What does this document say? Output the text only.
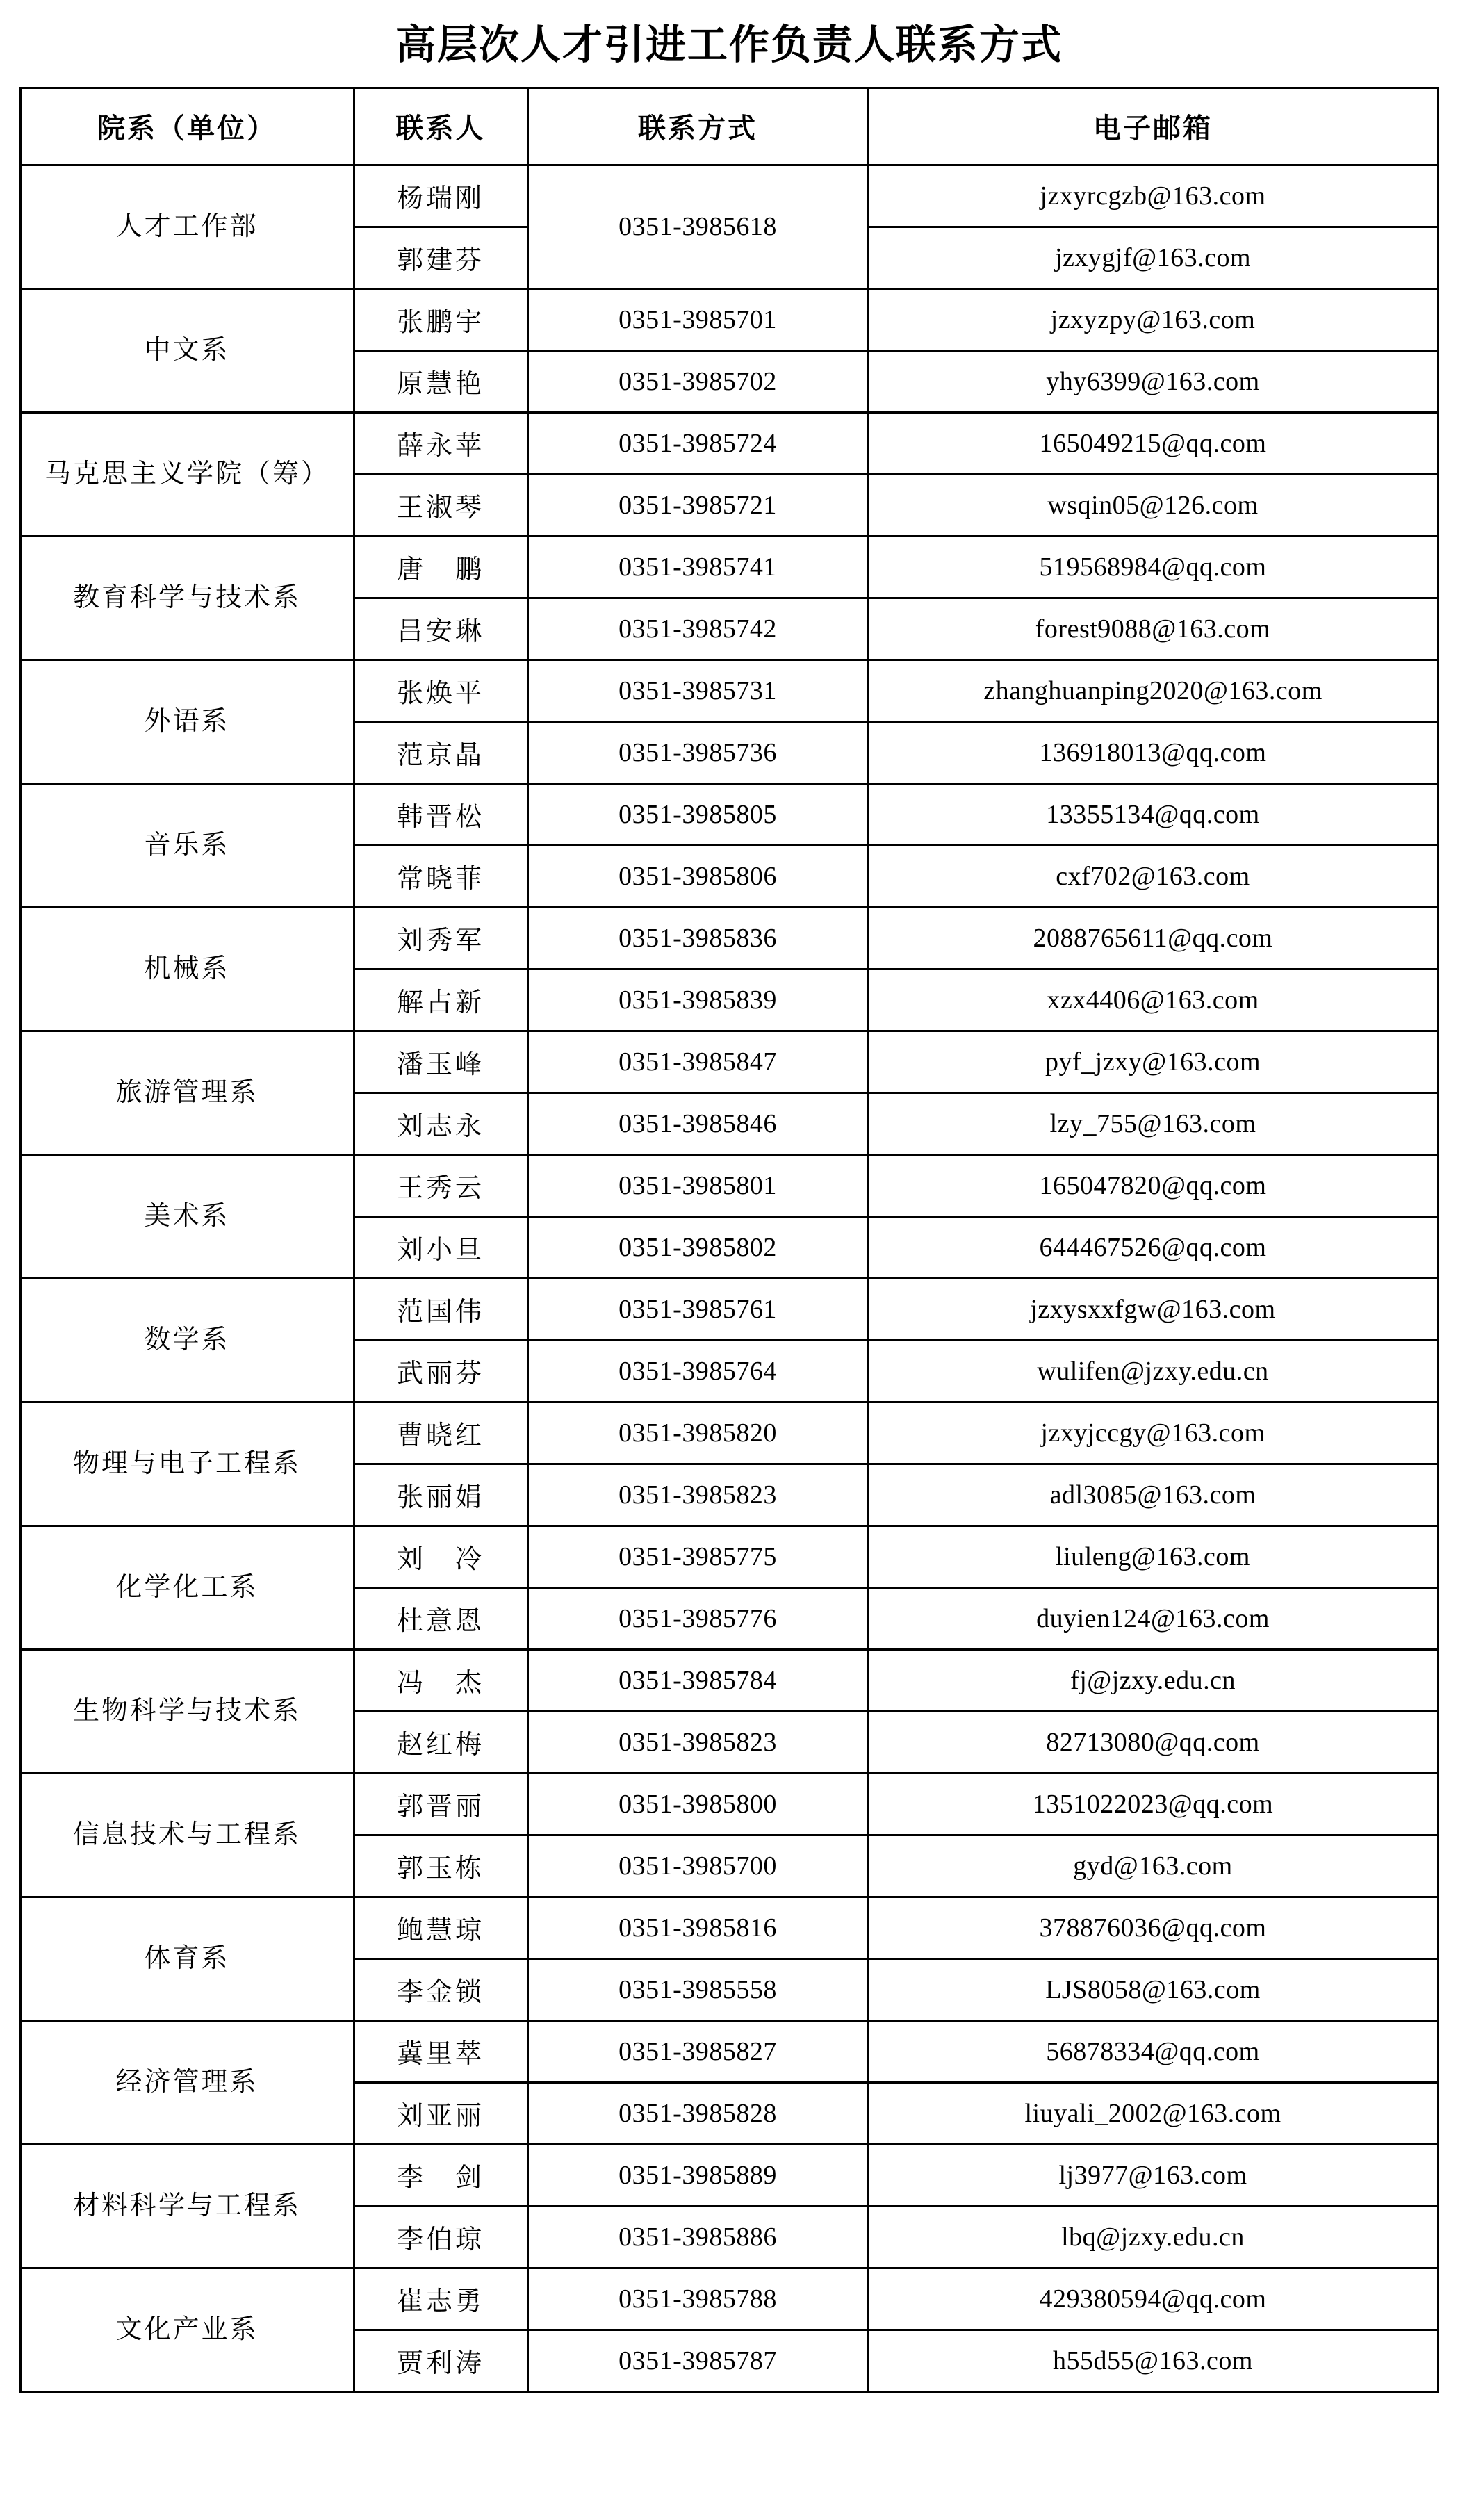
高层次人才引进工作负责人联系方式
院系（单位）	联系人	联系方式	电子邮箱
人才工作部	杨瑞刚	0351-3985618	jzxyrcgzb@163.com
	郭建芬		jzxygjf@163.com
中文系	张鹏宇	0351-3985701	jzxyzpy@163.com
	原慧艳	0351-3985702	yhy6399@163.com
马克思主义学院（筹）	薛永苹	0351-3985724	165049215@qq.com
	王淑琴	0351-3985721	wsqin05@126.com
教育科学与技术系	唐　鹏	0351-3985741	519568984@qq.com
	吕安琳	0351-3985742	forest9088@163.com
外语系	张焕平	0351-3985731	zhanghuanping2020@163.com
	范京晶	0351-3985736	136918013@qq.com
音乐系	韩晋松	0351-3985805	13355134@qq.com
	常晓菲	0351-3985806	cxf702@163.com
机械系	刘秀军	0351-3985836	2088765611@qq.com
	解占新	0351-3985839	xzx4406@163.com
旅游管理系	潘玉峰	0351-3985847	pyf_jzxy@163.com
	刘志永	0351-3985846	lzy_755@163.com
美术系	王秀云	0351-3985801	165047820@qq.com
	刘小旦	0351-3985802	644467526@qq.com
数学系	范国伟	0351-3985761	jzxysxxfgw@163.com
	武丽芬	0351-3985764	wulifen@jzxy.edu.cn
物理与电子工程系	曹晓红	0351-3985820	jzxyjccgy@163.com
	张丽娟	0351-3985823	adl3085@163.com
化学化工系	刘　冷	0351-3985775	liuleng@163.com
	杜意恩	0351-3985776	duyien124@163.com
生物科学与技术系	冯　杰	0351-3985784	fj@jzxy.edu.cn
	赵红梅	0351-3985823	82713080@qq.com
信息技术与工程系	郭晋丽	0351-3985800	1351022023@qq.com
	郭玉栋	0351-3985700	gyd@163.com
体育系	鲍慧琼	0351-3985816	378876036@qq.com
	李金锁	0351-3985558	LJS8058@163.com
经济管理系	冀里萃	0351-3985827	56878334@qq.com
	刘亚丽	0351-3985828	liuyali_2002@163.com
材料科学与工程系	李　剑	0351-3985889	lj3977@163.com
	李伯琼	0351-3985886	lbq@jzxy.edu.cn
文化产业系	崔志勇	0351-3985788	429380594@qq.com
	贾利涛	0351-3985787	h55d55@163.com
